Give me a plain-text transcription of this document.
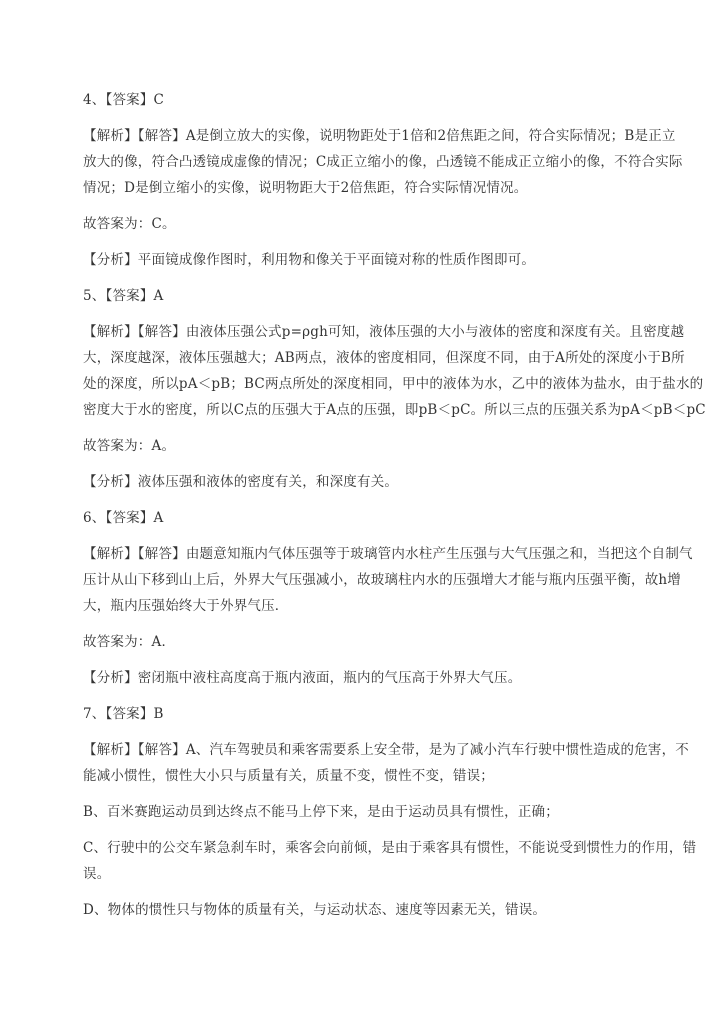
4、【答案】C

【解析】【解答】A是倒立放大的实像，说明物距处于1倍和2倍焦距之间，符合实际情况；B是正立
放大的像，符合凸透镜成虚像的情况；C成正立缩小的像，凸透镜不能成正立缩小的像，不符合实际
情况；D是倒立缩小的实像，说明物距大于2倍焦距，符合实际情况情况。

故答案为：C。

【分析】平面镜成像作图时，利用物和像关于平面镜对称的性质作图即可。

5、【答案】A

【解析】【解答】由液体压强公式p=ρgh可知，液体压强的大小与液体的密度和深度有关。且密度越
大，深度越深，液体压强越大；AB两点，液体的密度相同，但深度不同，由于A所处的深度小于B所
处的深度，所以pA＜pB；BC两点所处的深度相同，甲中的液体为水，乙中的液体为盐水，由于盐水的
密度大于水的密度，所以C点的压强大于A点的压强，即pB＜pC。所以三点的压强关系为pA＜pB＜pC

故答案为：A。

【分析】液体压强和液体的密度有关，和深度有关。

6、【答案】A

【解析】【解答】由题意知瓶内气体压强等于玻璃管内水柱产生压强与大气压强之和，当把这个自制气
压计从山下移到山上后，外界大气压强减小，故玻璃柱内水的压强增大才能与瓶内压强平衡，故h增
大，瓶内压强始终大于外界气压．

故答案为：A．

【分析】密闭瓶中液柱高度高于瓶内液面，瓶内的气压高于外界大气压。

7、【答案】B

【解析】【解答】A、汽车驾驶员和乘客需要系上安全带，是为了减小汽车行驶中惯性造成的危害，不
能减小惯性，惯性大小只与质量有关，质量不变，惯性不变，错误；

B、百米赛跑运动员到达终点不能马上停下来，是由于运动员具有惯性，正确；

C、行驶中的公交车紧急刹车时，乘客会向前倾，是由于乘客具有惯性，不能说受到惯性力的作用，错
误。

D、物体的惯性只与物体的质量有关，与运动状态、速度等因素无关，错误。
